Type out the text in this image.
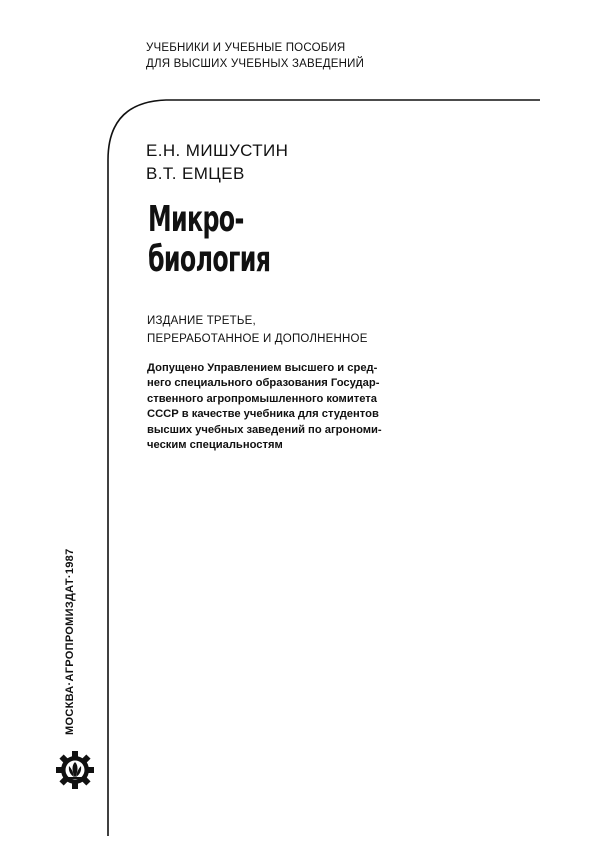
УЧЕБНИКИ И УЧЕБНЫЕ ПОСОБИЯ
ДЛЯ ВЫСШИХ УЧЕБНЫХ ЗАВЕДЕНИЙ
Е.Н. МИШУСТИН
В.Т. ЕМЦЕВ
Микро-
биология
ИЗДАНИЕ ТРЕТЬЕ,
ПЕРЕРАБОТАННОЕ И ДОПОЛНЕННОЕ
Допущено Управлением высшего и сред-
него специального образования Государ-
ственного агропромышленного комитета
СССР в качестве учебника для студентов
высших учебных заведений по агрономи-
ческим специальностям
МОСКВА·АГРОПРОМИЗДАТ·1987
